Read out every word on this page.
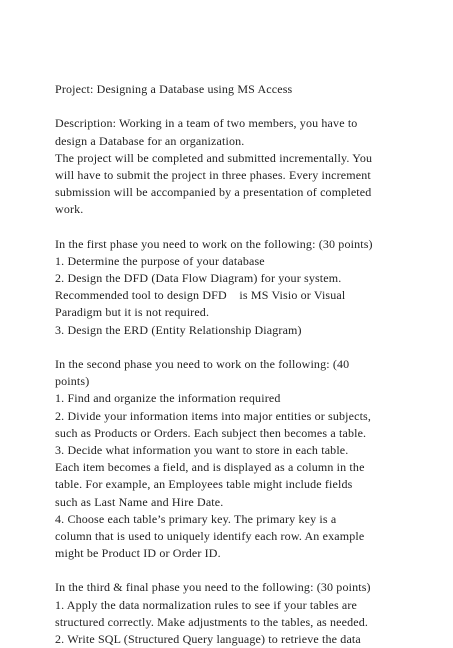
Project: Designing a Database using MS Access
Description: Working in a team of two members, you have to
design a Database for an organization.
The project will be completed and submitted incrementally. You
will have to submit the project in three phases. Every increment
submission will be accompanied by a presentation of completed
work.
In the first phase you need to work on the following: (30 points)
1. Determine the purpose of your database
2. Design the DFD (Data Flow Diagram) for your system.
Recommended tool to design DFD    is MS Visio or Visual
Paradigm but it is not required.
3. Design the ERD (Entity Relationship Diagram)
In the second phase you need to work on the following: (40
points)
1. Find and organize the information required
2. Divide your information items into major entities or subjects,
such as Products or Orders. Each subject then becomes a table.
3. Decide what information you want to store in each table.
Each item becomes a field, and is displayed as a column in the
table. For example, an Employees table might include fields
such as Last Name and Hire Date.
4. Choose each table’s primary key. The primary key is a
column that is used to uniquely identify each row. An example
might be Product ID or Order ID.
In the third & final phase you need to the following: (30 points)
1. Apply the data normalization rules to see if your tables are
structured correctly. Make adjustments to the tables, as needed.
2. Write SQL (Structured Query language) to retrieve the data
